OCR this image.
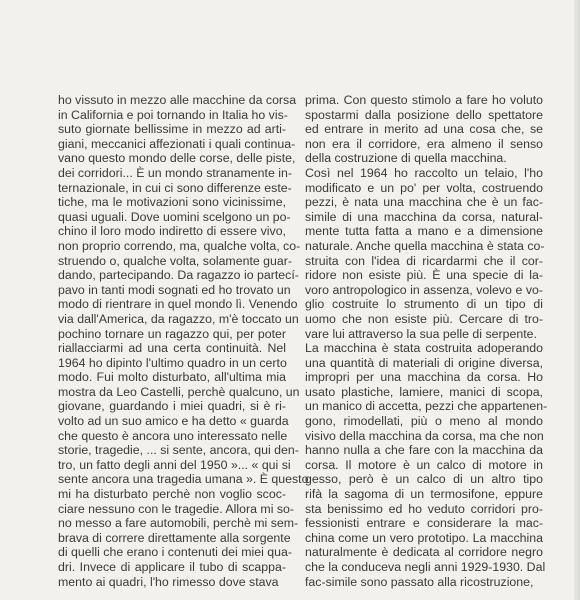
ho vissuto in mezzo alle macchine da corsa
in California e poi tornando in Italia ho vis-
suto giornate bellissime in mezzo ad arti-
giani, meccanici affezionati i quali continua-
vano questo mondo delle corse, delle piste,
dei corridori... È un mondo stranamente in-
ternazionale, in cui ci sono differenze este-
tiche, ma le motivazioni sono vicinissime,
quasi uguali. Dove uomini scelgono un po-
chino il loro modo indiretto di essere vivo,
non proprio correndo, ma, qualche volta, co-
struendo o, qualche volta, solamente guar-
dando, partecipando. Da ragazzo io partecí-
pavo in tanti modi sognati ed ho trovato un
modo di rientrare in quel mondo lì. Venendo
via dall'America, da ragazzo, m'è toccato un
pochino tornare un ragazzo qui, per poter
riallacciarmi ad una certa continuità. Nel
1964 ho dipinto l'ultimo quadro in un certo
modo. Fui molto disturbato, all'ultima mia
mostra da Leo Castelli, perchè qualcuno, un
giovane, guardando i miei quadri, si è ri-
volto ad un suo amico e ha detto « guarda
che questo è ancora uno interessato nelle
storie, tragedie, ... si sente, ancora, qui den-
tro, un fatto degli anni del 1950 »... « qui si
sente ancora una tragedia umana ». È questo
mi ha disturbato perchè non voglio scoc-
ciare nessuno con le tragedie. Allora mi so-
no messo a fare automobili, perchè mi sem-
brava di correre direttamente alla sorgente
di quelli che erano i contenuti dei miei qua-
dri. Invece di applicare il tubo di scappa-
mento ai quadri, l'ho rimesso dove stava
prima. Con questo stimolo a fare ho voluto
spostarmi dalla posizione dello spettatore
ed entrare in merito ad una cosa che, se
non era il corridore, era almeno il senso
della costruzione di quella macchina.
Così nel 1964 ho raccolto un telaio, l'ho
modificato e un po' per volta, costruendo
pezzi, è nata una macchina che è un fac-
simile di una macchina da corsa, natural-
mente tutta fatta a mano e a dimensione
naturale. Anche quella macchina è stata co-
struita con l'idea di ricardarmi che il cor-
ridore non esiste più. È una specie di la-
voro antropologico in assenza, volevo e vo-
glio costruite lo strumento di un tipo di
uomo che non esiste più. Cercare di tro-
vare lui attraverso la sua pelle di serpente.
La macchina è stata costruita adoperando
una quantità di materiali di origine diversa,
impropri per una macchina da corsa. Ho
usato plastiche, lamiere, manici di scopa,
un manico di accetta, pezzi che appartenen-
gono, rimodellati, più o meno al mondo
visivo della macchina da corsa, ma che non
hanno nulla a che fare con la macchina da
corsa. Il motore è un calco di motore in
gesso, però è un calco di un altro tipo
rifà la sagoma di un termosifone, eppure
sta benissimo ed ho veduto corridori pro-
fessionisti entrare e considerare la mac-
china come un vero prototipo. La macchina
naturalmente è dedicata al corridore negro
che la conduceva negli anni 1929-1930. Dal
fac-simile sono passato alla ricostruzione,
